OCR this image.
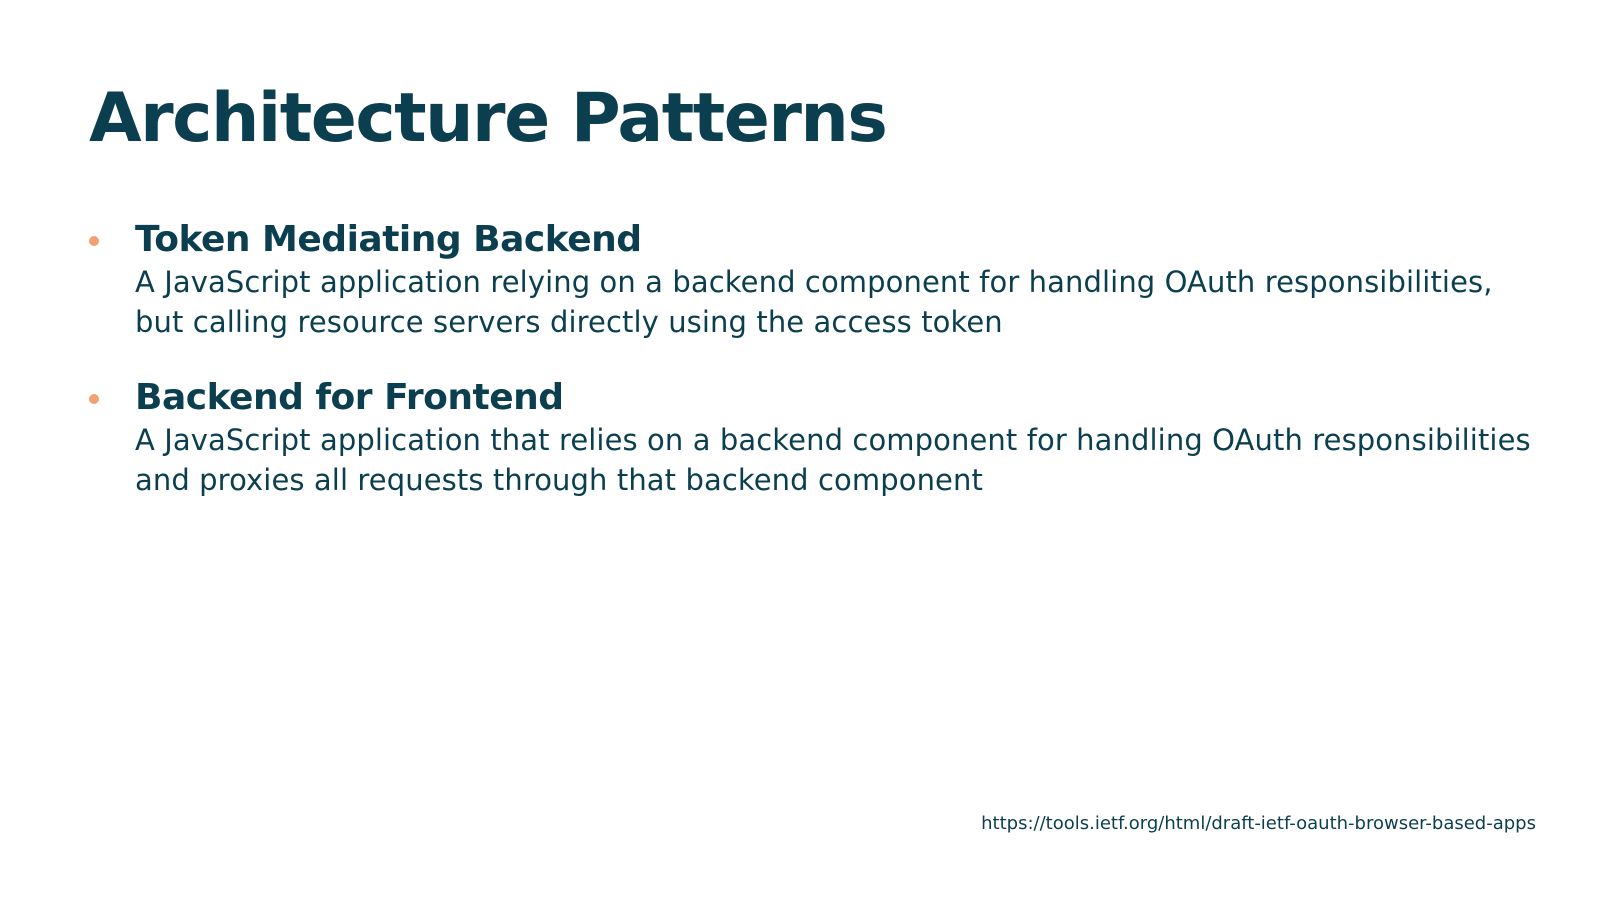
Architecture Patterns
Token Mediating Backend
A JavaScript application relying on a backend component for handling OAuth responsibilities, but calling resource servers directly using the access token
Backend for Frontend
A JavaScript application that relies on a backend component for handling OAuth responsibilities and proxies all requests through that backend component
https://tools.ietf.org/html/draft-ietf-oauth-browser-based-apps
